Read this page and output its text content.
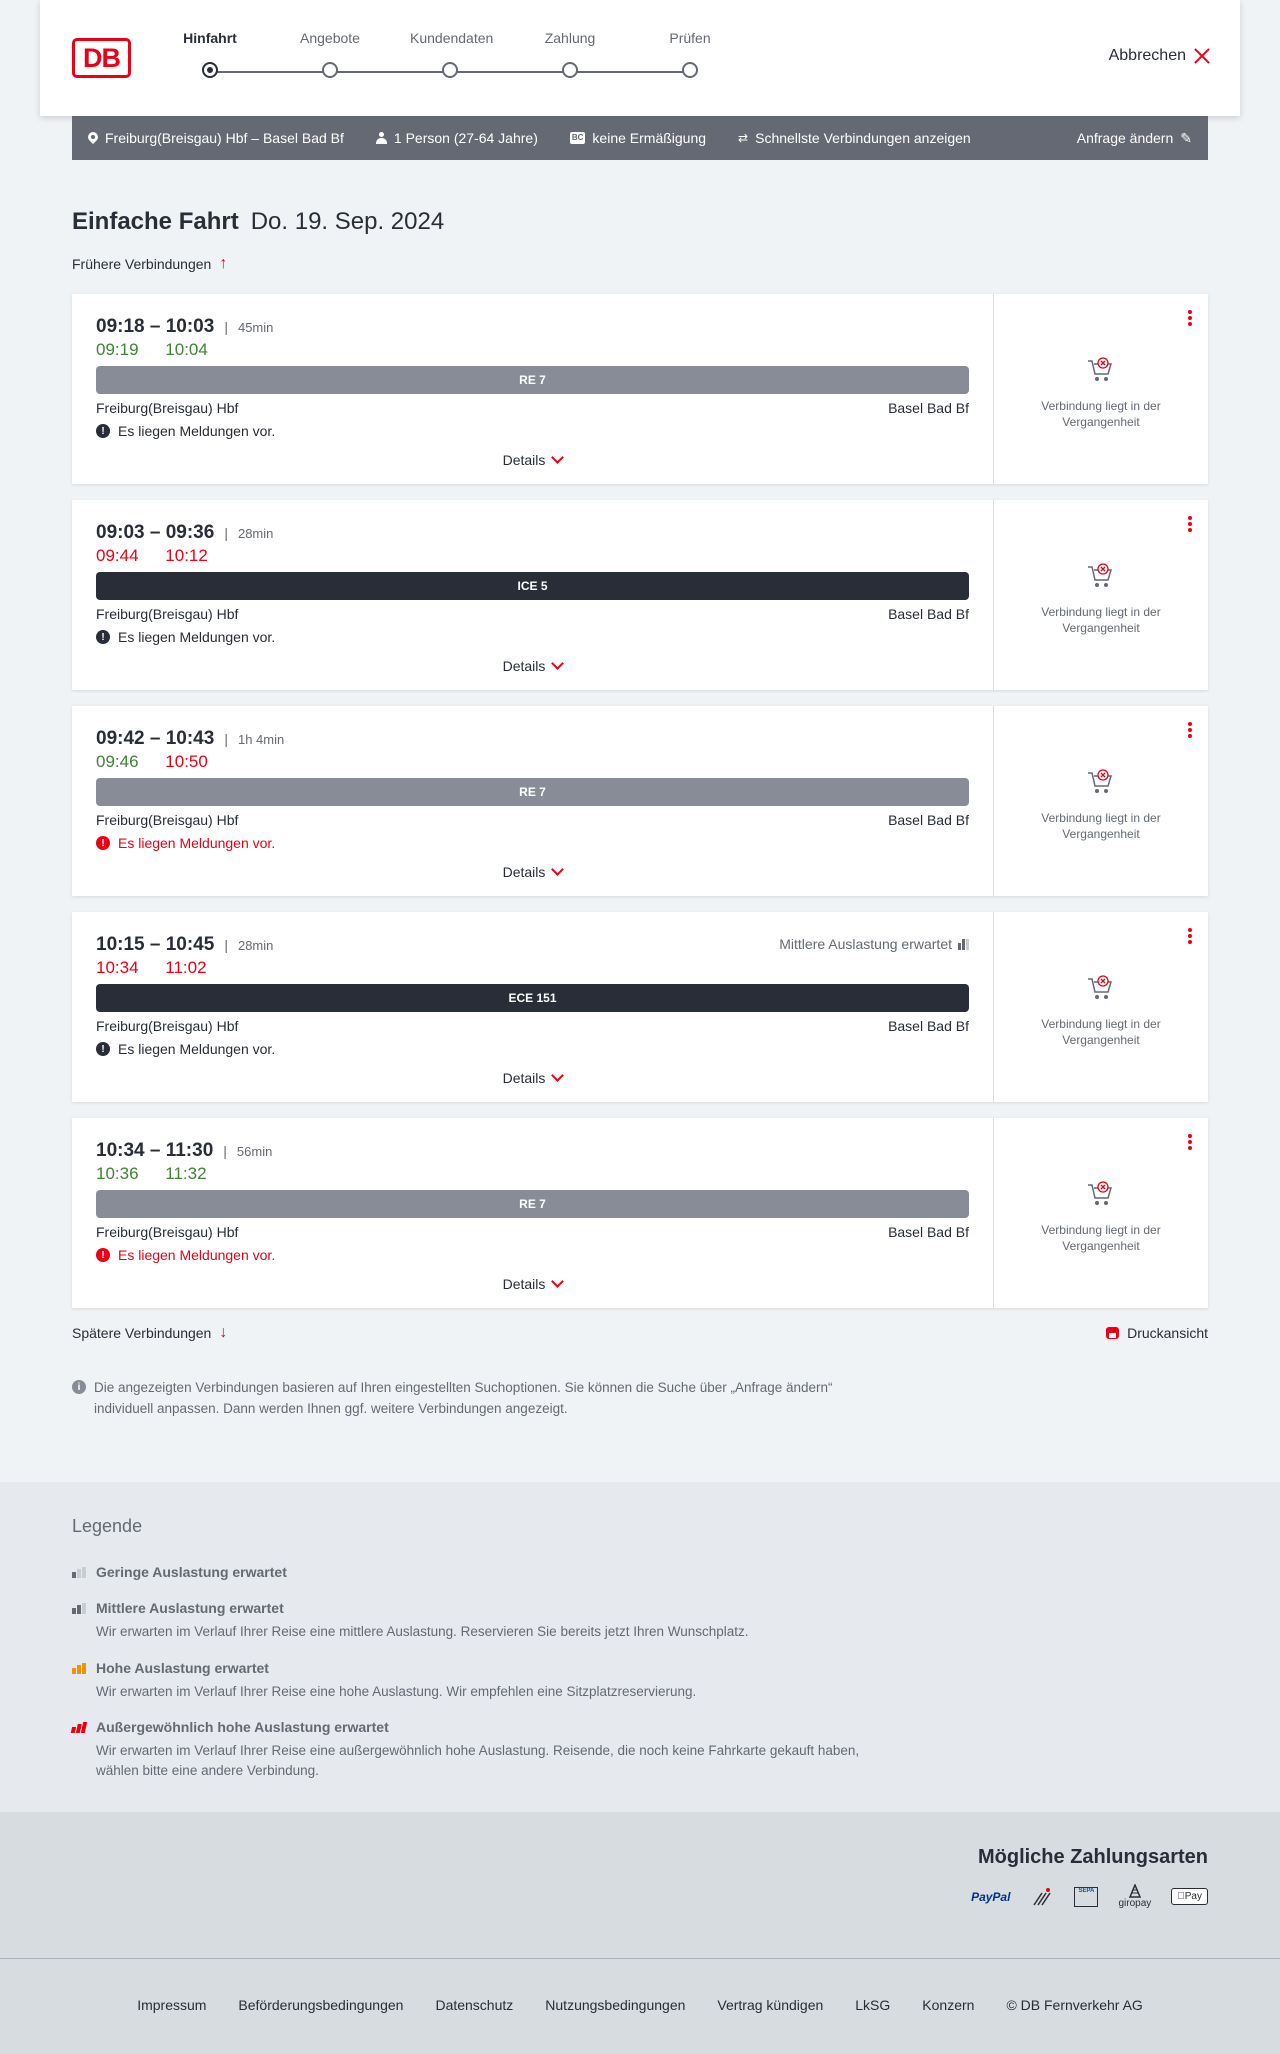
DB
Hinfahrt	Angebote	Kundendaten	Zahlung	Prüfen
Abbrechen
Freiburg(Breisgau) Hbf – Basel Bad Bf	1 Person (27-64 Jahre)	BC keine Ermäßigung	⇄ Schnellste Verbindungen anzeigen	Anfrage ändern ✎
Einfache Fahrt Do. 19. Sep. 2024
Frühere Verbindungen ↑
09:18 – 10:03 | 45min
09:19 10:04
RE 7
Freiburg(Breisgau) Hbf	Basel Bad Bf
! Es liegen Meldungen vor.
Details
Verbindung liegt in der Vergangenheit
09:03 – 09:36 | 28min
09:44 10:12
ICE 5
Freiburg(Breisgau) Hbf	Basel Bad Bf
! Es liegen Meldungen vor.
Details
Verbindung liegt in der Vergangenheit
09:42 – 10:43 | 1h 4min
09:46 10:50
RE 7
Freiburg(Breisgau) Hbf	Basel Bad Bf
! Es liegen Meldungen vor.
Details
Verbindung liegt in der Vergangenheit
10:15 – 10:45 | 28min
10:34 11:02
Mittlere Auslastung erwartet
ECE 151
Freiburg(Breisgau) Hbf	Basel Bad Bf
! Es liegen Meldungen vor.
Details
Verbindung liegt in der Vergangenheit
10:34 – 11:30 | 56min
10:36 11:32
RE 7
Freiburg(Breisgau) Hbf	Basel Bad Bf
! Es liegen Meldungen vor.
Details
Verbindung liegt in der Vergangenheit
Spätere Verbindungen ↓	Druckansicht
i	Die angezeigten Verbindungen basieren auf Ihren eingestellten Suchoptionen. Sie können die Suche über „Anfrage ändern“ individuell anpassen. Dann werden Ihnen ggf. weitere Verbindungen angezeigt.
Legende
Geringe Auslastung erwartet
Mittlere Auslastung erwartet
Wir erwarten im Verlauf Ihrer Reise eine mittlere Auslastung. Reservieren Sie bereits jetzt Ihren Wunschplatz.
Hohe Auslastung erwartet
Wir erwarten im Verlauf Ihrer Reise eine hohe Auslastung. Wir empfehlen eine Sitzplatzreservierung.
Außergewöhnlich hohe Auslastung erwartet
Wir erwarten im Verlauf Ihrer Reise eine außergewöhnlich hohe Auslastung. Reisende, die noch keine Fahrkarte gekauft haben, wählen bitte eine andere Verbindung.
Mögliche Zahlungsarten
PayPal	SEPA
giropay
Pay
Impressum Beförderungsbedingungen Datenschutz Nutzungsbedingungen Vertrag kündigen LkSG Konzern © DB Fernverkehr AG
